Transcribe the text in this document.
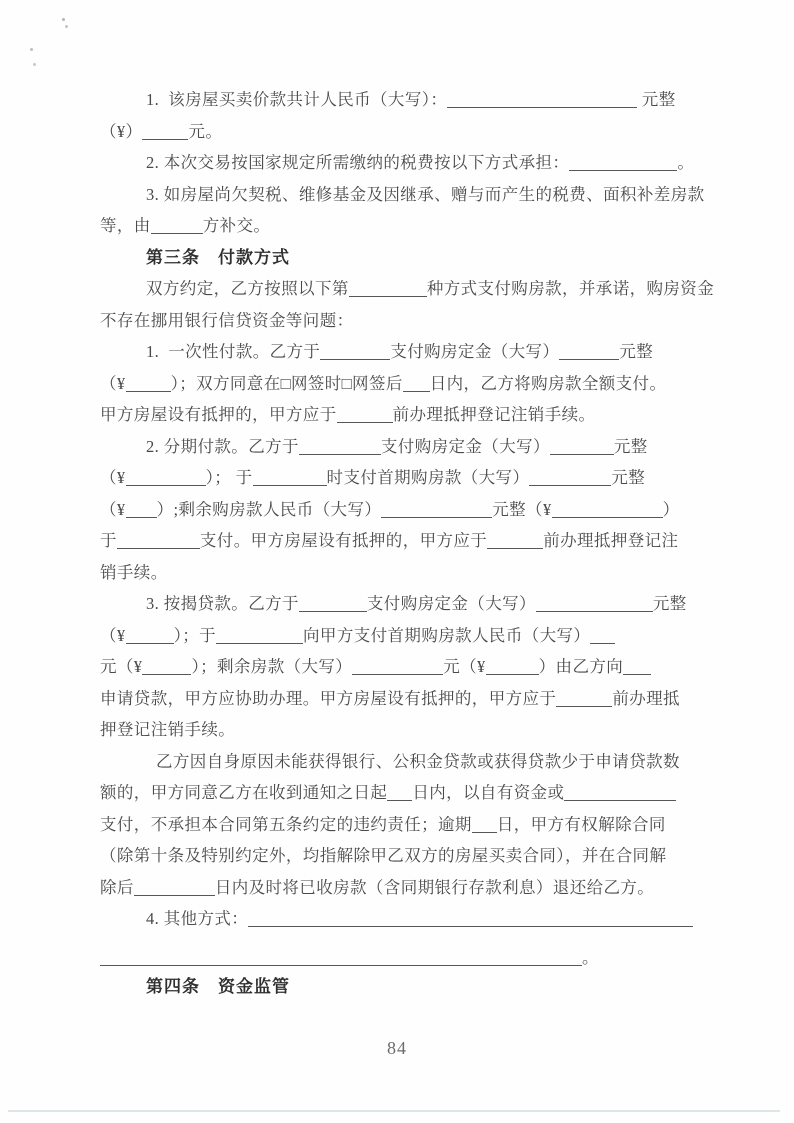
1.  该房屋买卖价款共计人民币（大写）：	元整
（¥）	元。
2. 本次交易按国家规定所需缴纳的税费按以下方式承担：	。
3. 如房屋尚欠契税、维修基金及因继承、赠与而产生的税费、面积补差房款
等，由	方补交。
第三条　付款方式
双方约定，乙方按照以下第	种方式支付购房款，并承诺，购房资金
不存在挪用银行信贷资金等问题：
1.  一次性付款。乙方于	支付购房定金（大写）	元整
（¥	）；双方同意在□网签时□网签后 日内，乙方将购房款全额支付。
甲方房屋设有抵押的，甲方应于	前办理抵押登记注销手续。
2. 分期付款。乙方于	支付购房定金（大写）	元整
（¥	）； 于	时支付首期购房款（大写）	元整
（¥ ）;剩余购房款人民币（大写）	元整（¥	）
于	支付。甲方房屋设有抵押的，甲方应于	前办理抵押登记注
销手续。
3. 按揭贷款。乙方于	支付购房定金（大写）	元整
（¥	）；于	向甲方支付首期购房款人民币（大写）
元（¥	）；剩余房款（大写）	元（¥	）由乙方向
申请贷款，甲方应协助办理。甲方房屋设有抵押的，甲方应于	前办理抵
押登记注销手续。
乙方因自身原因未能获得银行、公积金贷款或获得贷款少于申请贷款数
额的，甲方同意乙方在收到通知之日起 日内，以自有资金或
支付，不承担本合同第五条约定的违约责任；逾期 日，甲方有权解除合同
（除第十条及特别约定外，均指解除甲乙双方的房屋买卖合同），并在合同解
除后	日内及时将已收房款（含同期银行存款利息）退还给乙方。
4. 其他方式：
。
第四条　资金监管
84
